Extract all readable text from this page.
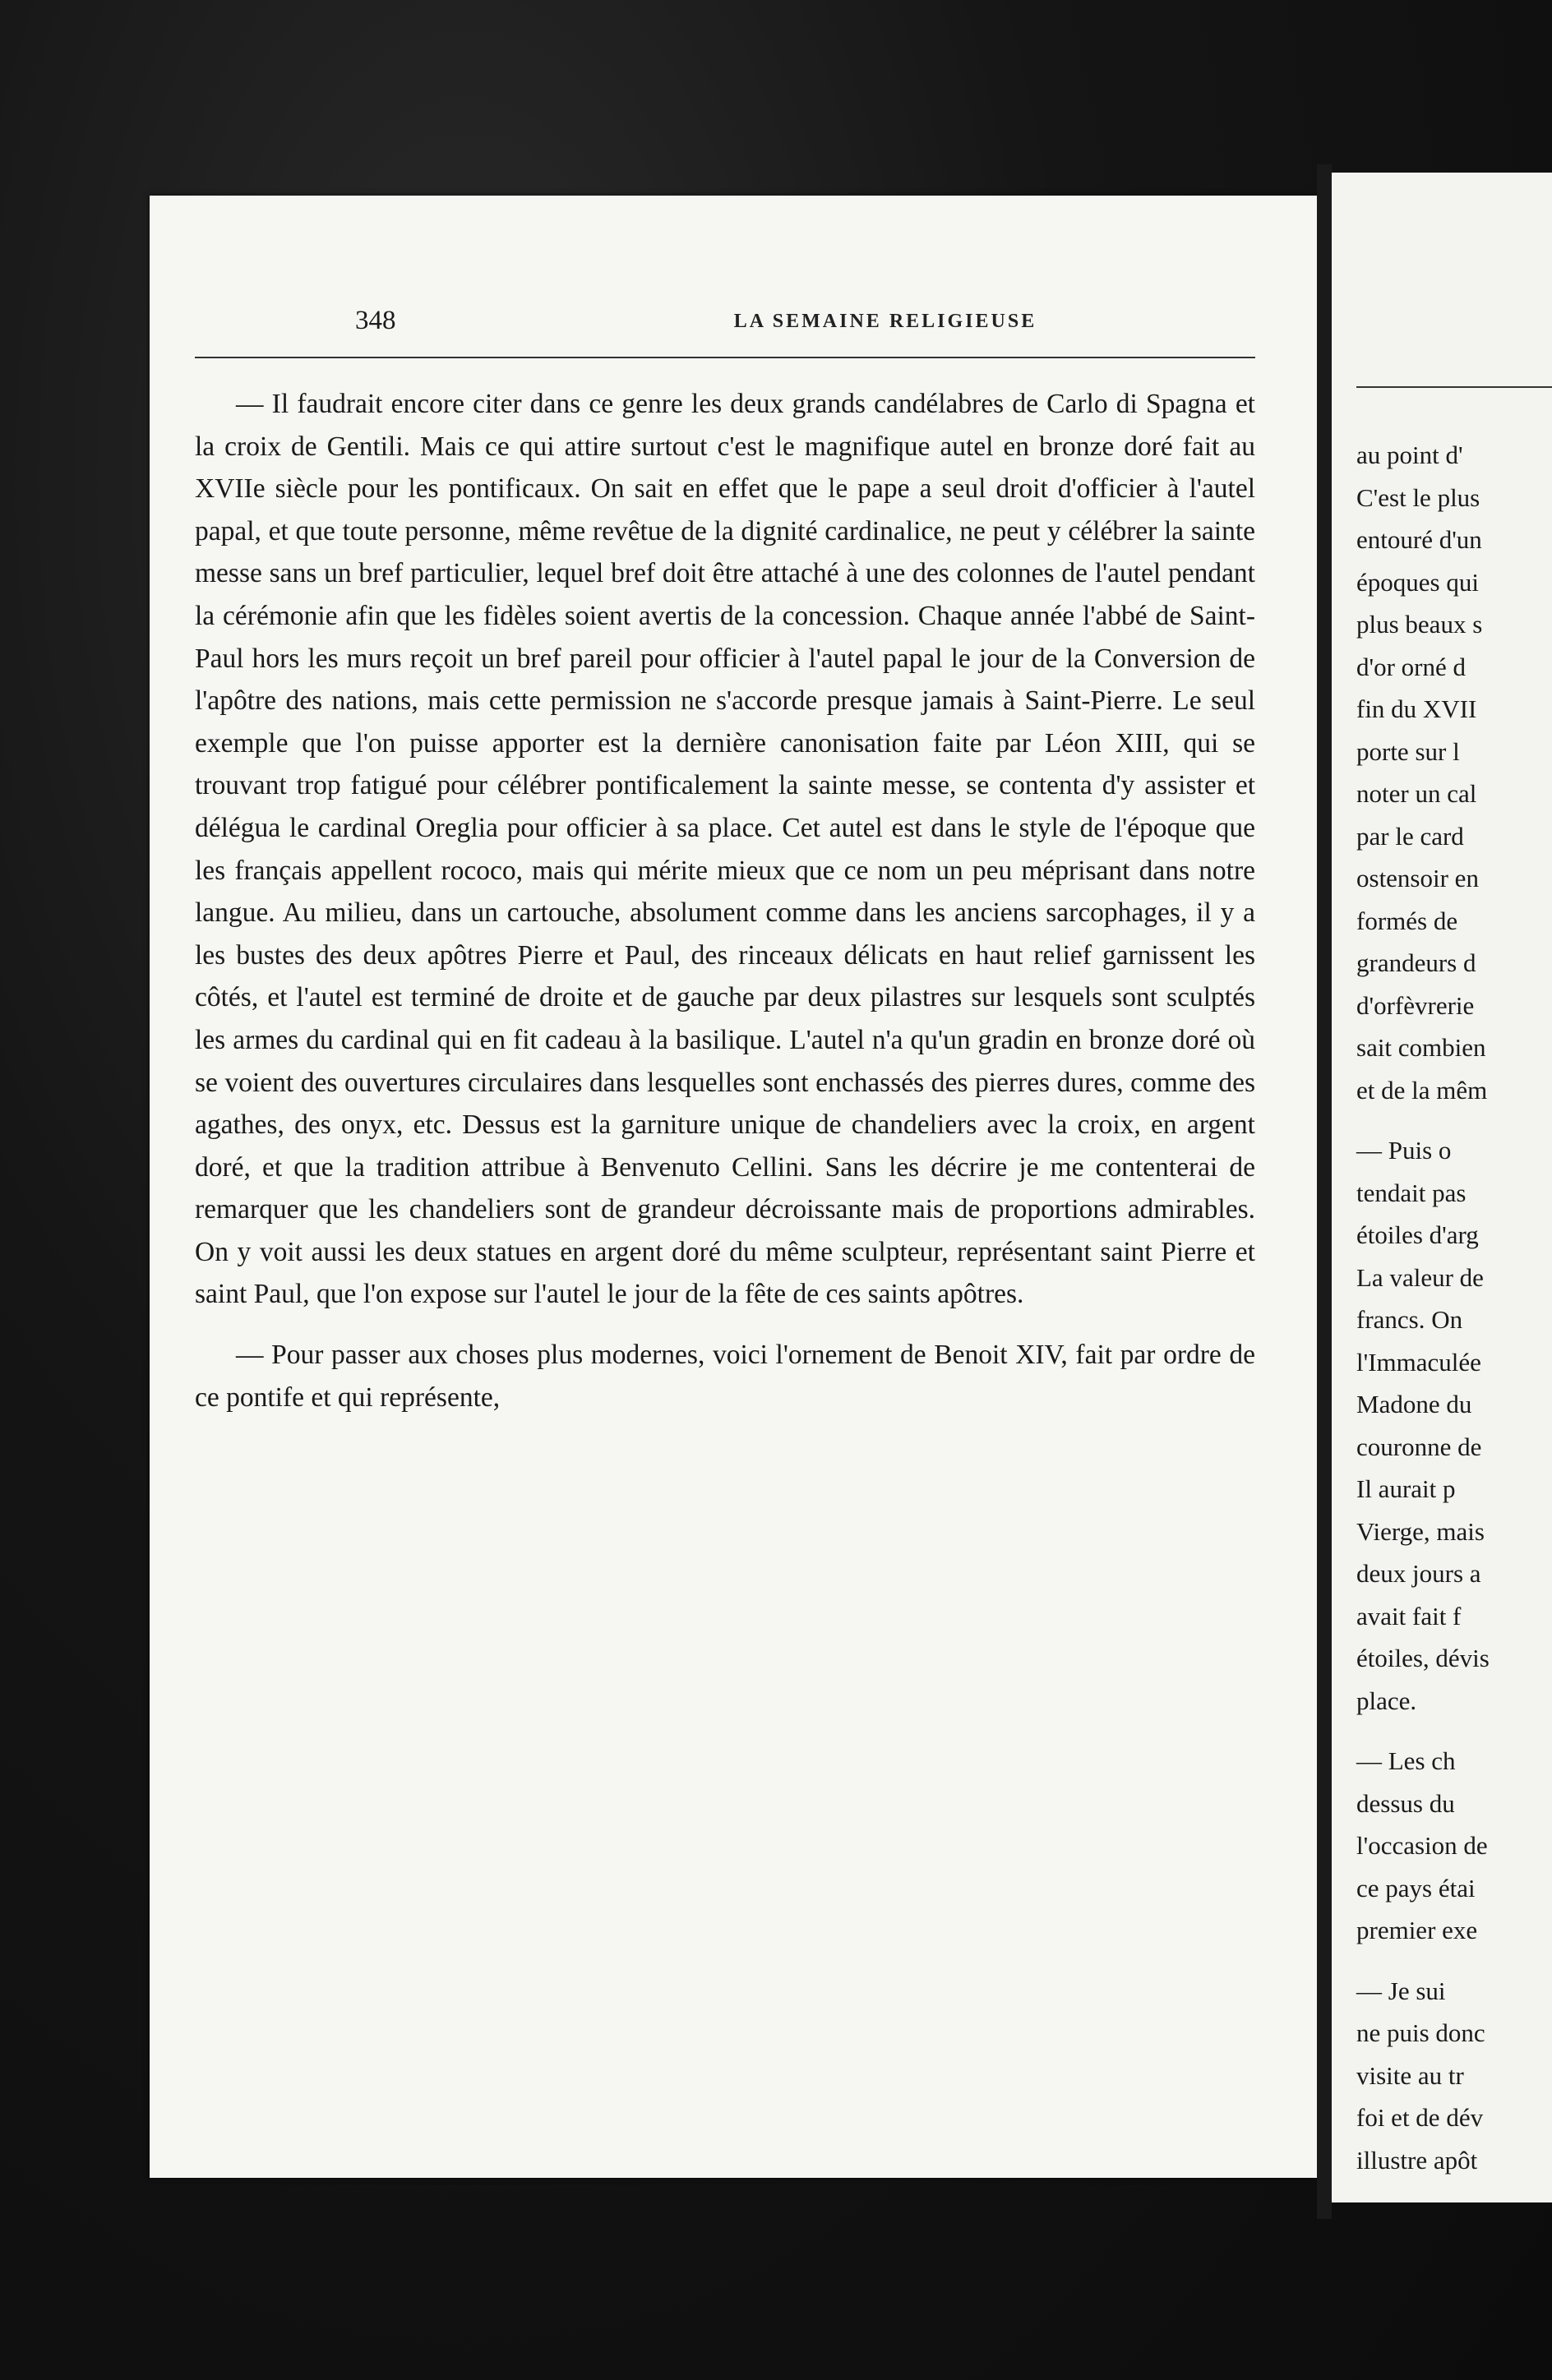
348	LA SEMAINE RELIGIEUSE

— Il faudrait encore citer dans ce genre les deux grands candélabres de Carlo di Spagna et la croix de Gentili. Mais ce qui attire surtout c'est le magnifique autel en bronze doré fait au XVIIe siècle pour les pontificaux. On sait en effet que le pape a seul droit d'officier à l'autel papal, et que toute personne, même revêtue de la dignité cardinalice, ne peut y célébrer la sainte messe sans un bref particulier, lequel bref doit être attaché à une des colonnes de l'autel pendant la cérémonie afin que les fidèles soient avertis de la concession. Chaque année l'abbé de Saint-Paul hors les murs reçoit un bref pareil pour officier à l'autel papal le jour de la Conversion de l'apôtre des nations, mais cette permission ne s'accorde presque jamais à Saint-Pierre. Le seul exemple que l'on puisse apporter est la dernière canonisation faite par Léon XIII, qui se trouvant trop fatigué pour célébrer pontificalement la sainte messe, se contenta d'y assister et délégua le cardinal Oreglia pour officier à sa place. Cet autel est dans le style de l'époque que les français appellent rococo, mais qui mérite mieux que ce nom un peu méprisant dans notre langue. Au milieu, dans un cartouche, absolument comme dans les anciens sarcophages, il y a les bustes des deux apôtres Pierre et Paul, des rinceaux délicats en haut relief garnissent les côtés, et l'autel est terminé de droite et de gauche par deux pilastres sur lesquels sont sculptés les armes du cardinal qui en fit cadeau à la basilique. L'autel n'a qu'un gradin en bronze doré où se voient des ouvertures circulaires dans lesquelles sont enchassés des pierres dures, comme des agathes, des onyx, etc. Dessus est la garniture unique de chandeliers avec la croix, en argent doré, et que la tradition attribue à Benvenuto Cellini. Sans les décrire je me contenterai de remarquer que les chandeliers sont de grandeur décroissante mais de proportions admirables. On y voit aussi les deux statues en argent doré du même sculpteur, représentant saint Pierre et saint Paul, que l'on expose sur l'autel le jour de la fête de ces saints apôtres.

— Pour passer aux choses plus modernes, voici l'ornement de Benoit XIV, fait par ordre de ce pontife et qui représente,

au point d'
C'est le plus
entouré d'un
époques qui
plus beaux s
d'or orné d
fin du XVII
porte sur l
noter un cal
par le card
ostensoir en
formés de
grandeurs d
d'orfèvrerie
sait combien
et de la mêm
— Puis o
tendait pas
étoiles d'arg
La valeur de
francs. On
l'Immaculée
Madone du
couronne de
Il aurait p
Vierge, mais
deux jours a
avait fait f
étoiles, dévis
place.
— Les ch
dessus du
l'occasion de
ce pays étai
premier exe
— Je sui
ne puis donc
visite au tr
foi et de dév
illustre apôt
